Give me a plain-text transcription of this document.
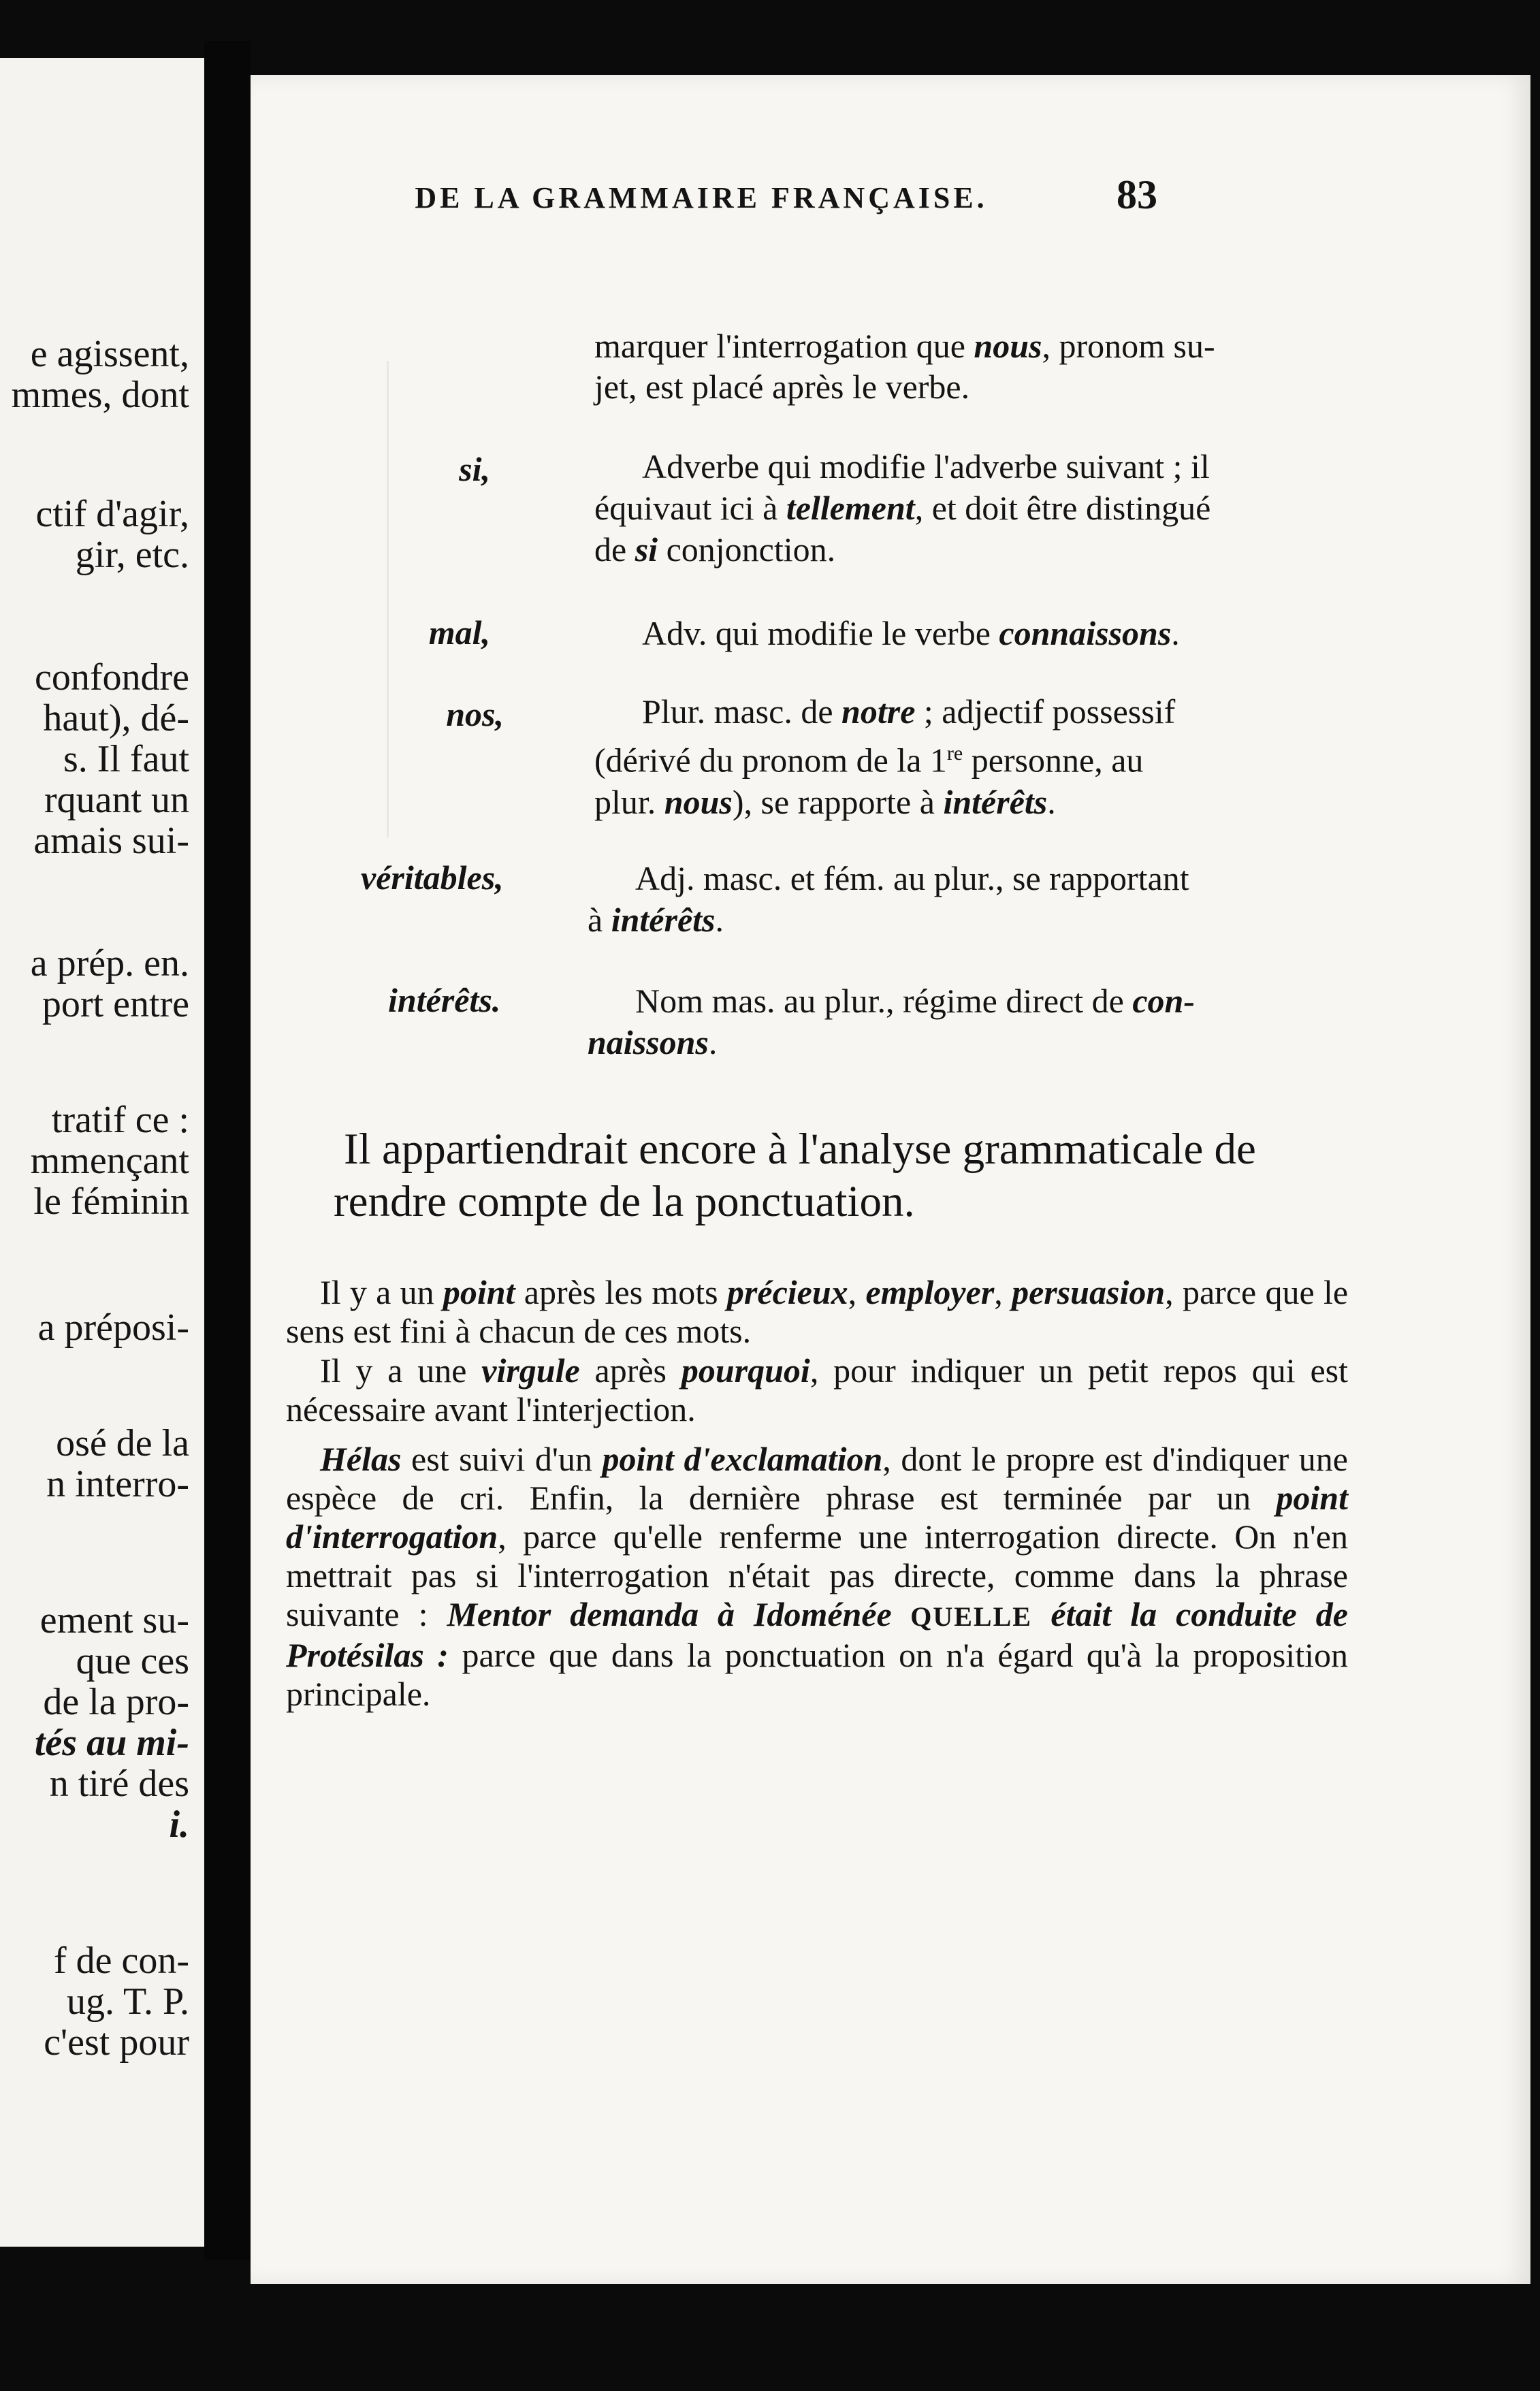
e agissent,
mmes, dont
ctif d'agir,
gir, etc.
confondre
haut), dé-
s. Il faut
rquant un
amais sui-
a prép. en.
port entre
tratif ce :
mmençant
le féminin
a préposi-
osé de la
n interro-
ement su-
que ces
de la pro-
tés au mi-
n tiré des
i.
f de con-
ug. T. P.
c'est pour
DE LA GRAMMAIRE FRANÇAISE.	83
marquer l'interrogation que nous, pronom su-
jet, est placé après le verbe.
si,	Adverbe qui modifie l'adverbe suivant ; il
équivaut ici à tellement, et doit être distingué
de si conjonction.
mal,	Adv. qui modifie le verbe connaissons.
nos,	Plur. masc. de notre ; adjectif possessif
(dérivé du pronom de la 1re personne, au
plur. nous), se rapporte à intérêts.
véritables,	Adj. masc. et fém. au plur., se rapportant
à intérêts.
intérêts.	Nom mas. au plur., régime direct de con-
naissons.
Il appartiendrait encore à l'analyse grammaticale de rendre compte de la ponctuation.
Il y a un point après les mots précieux, employer, persuasion, parce que le sens est fini à chacun de ces mots.
Il y a une virgule après pourquoi, pour indiquer un petit repos qui est nécessaire avant l'interjection.
Hélas est suivi d'un point d'exclamation, dont le propre est d'indiquer une espèce de cri. Enfin, la dernière phrase est terminée par un point d'interrogation, parce qu'elle renferme une interrogation directe. On n'en mettrait pas si l'interrogation n'était pas directe, comme dans la phrase suivante : Mentor demanda à Idoménée QUELLE était la conduite de Protésilas : parce que dans la ponctuation on n'a égard qu'à la proposition principale.
